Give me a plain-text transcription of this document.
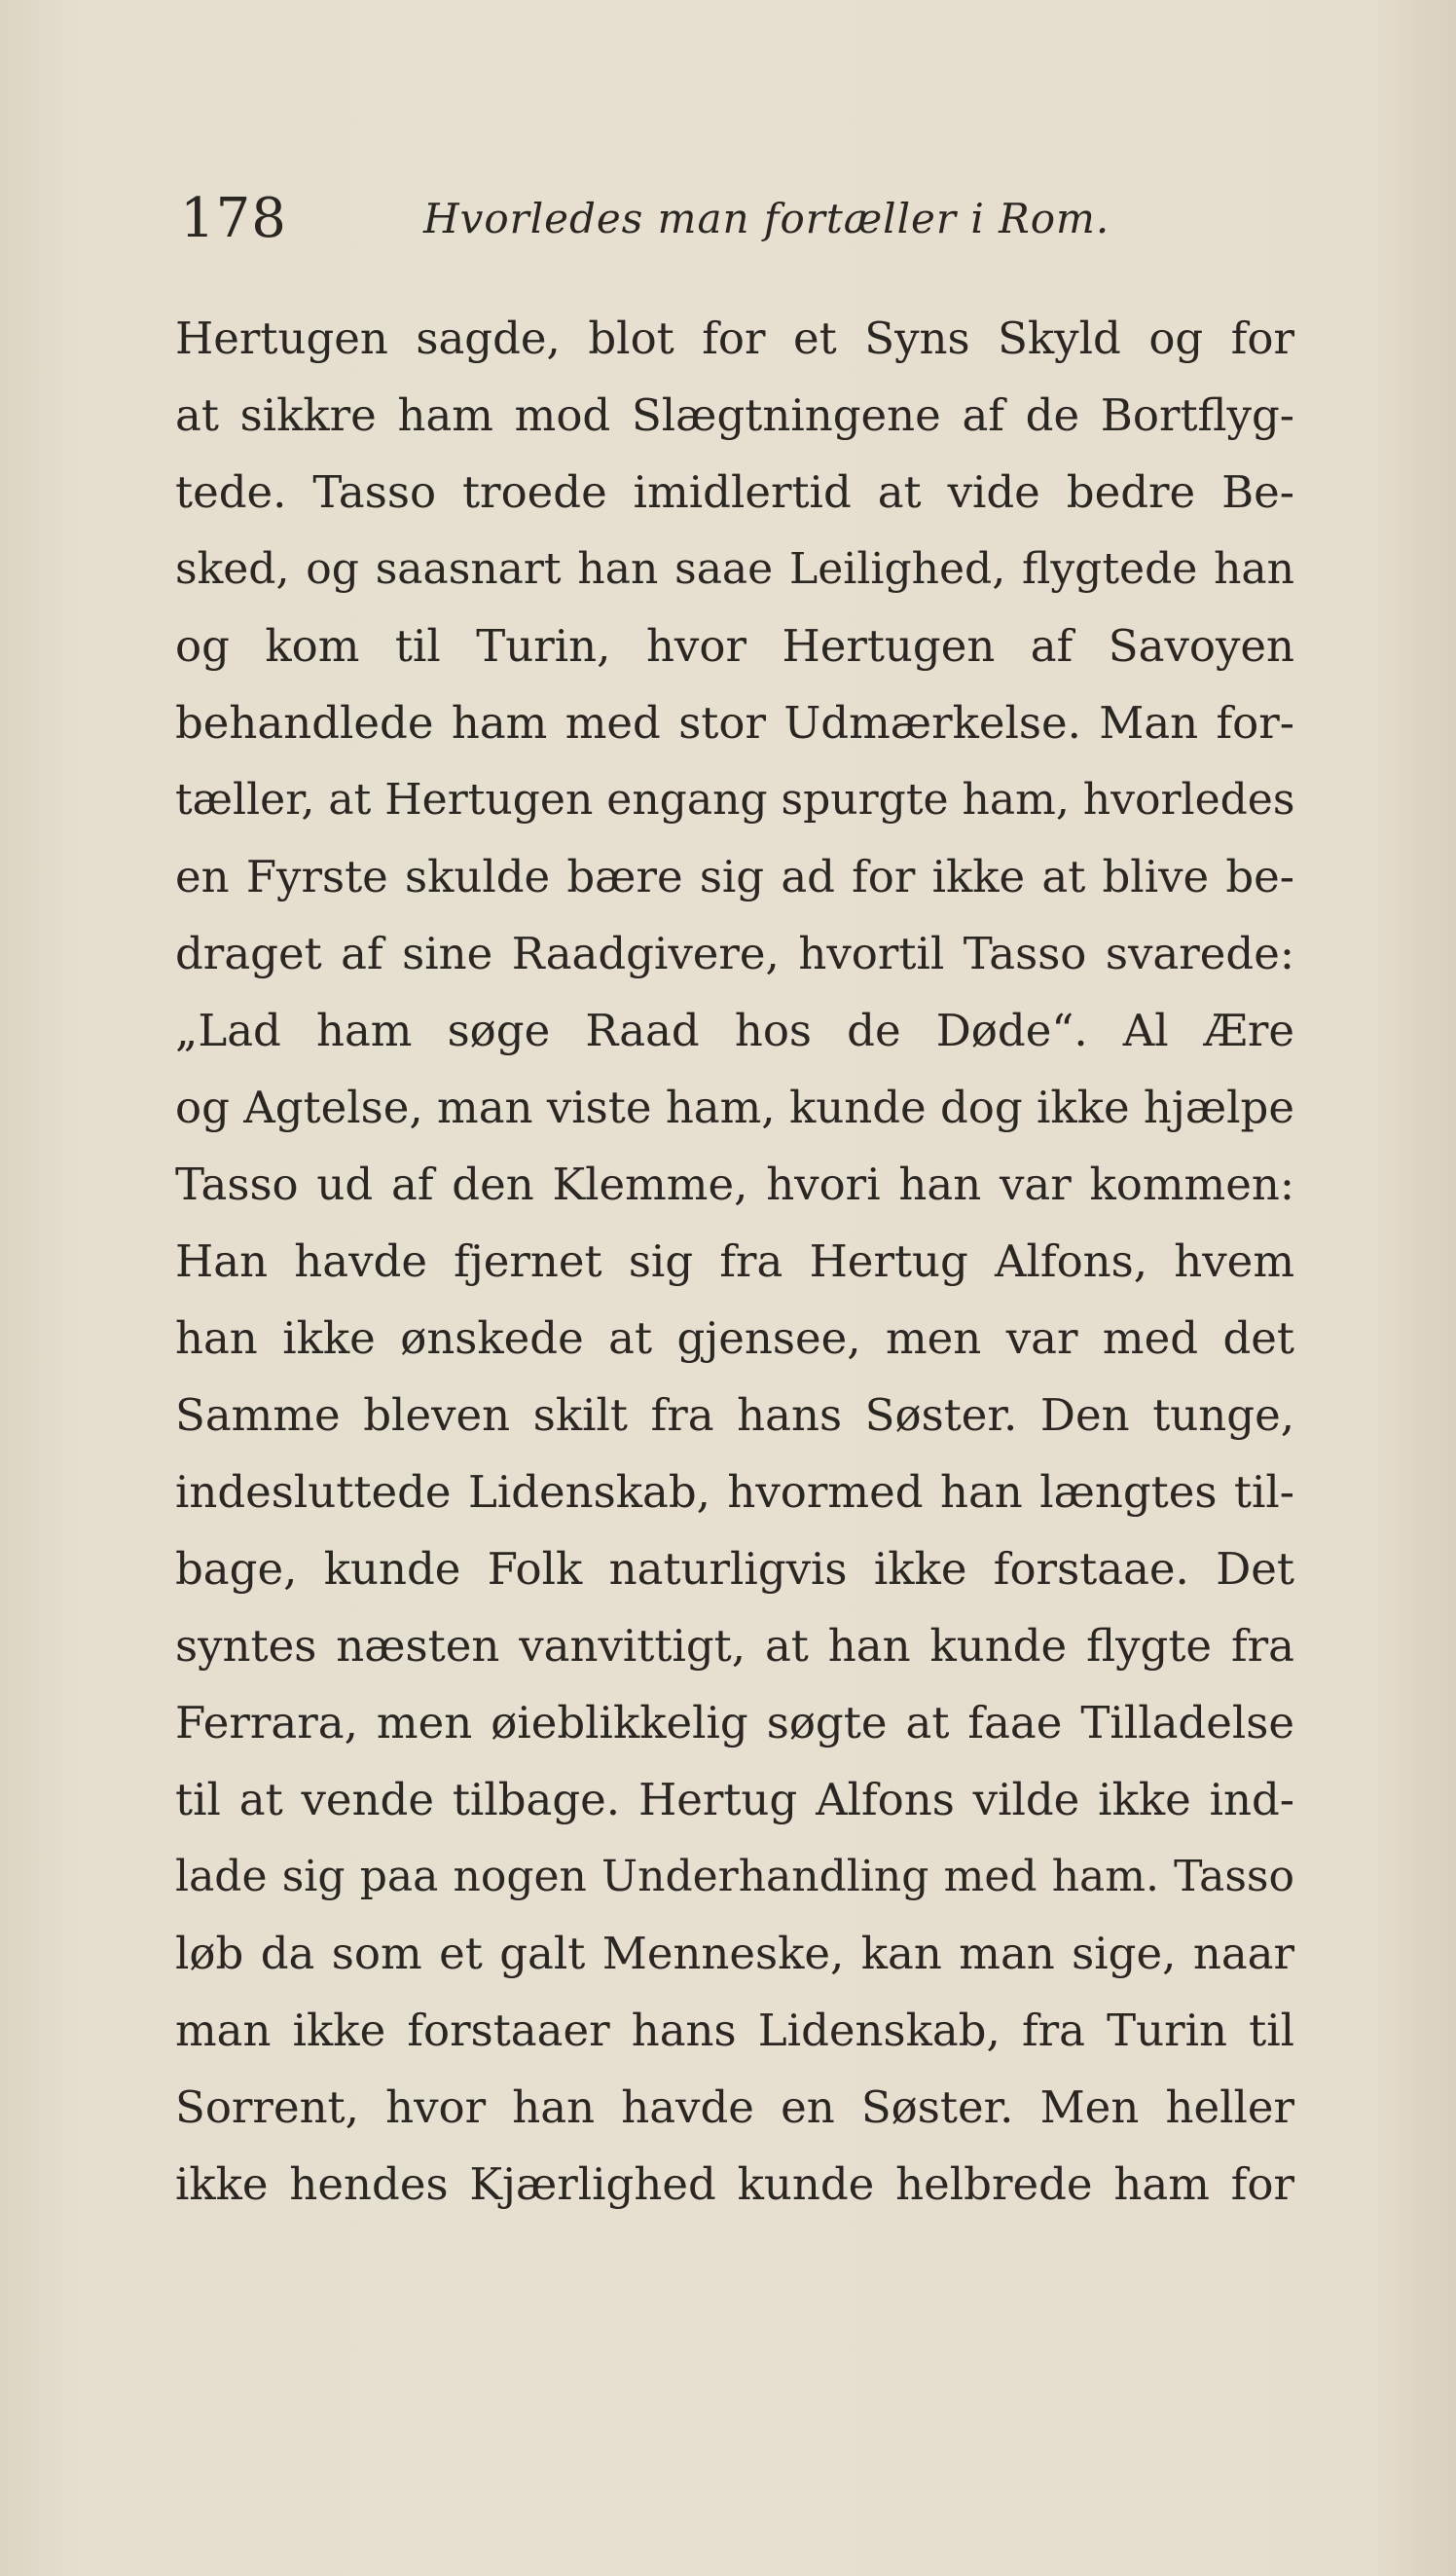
178	Hvorledes man fortæller i Rom.
Hertugen sagde, blot for et Syns Skyld og for
at sikkre ham mod Slægtningene af de Bortflyg-
tede. Tasso troede imidlertid at vide bedre Be-
sked, og saasnart han saae Leilighed, flygtede han
og kom til Turin, hvor Hertugen af Savoyen
behandlede ham med stor Udmærkelse. Man for-
tæller, at Hertugen engang spurgte ham, hvorledes
en Fyrste skulde bære sig ad for ikke at blive be-
draget af sine Raadgivere, hvortil Tasso svarede:
„Lad ham søge Raad hos de Døde“. Al Ære
og Agtelse, man viste ham, kunde dog ikke hjælpe
Tasso ud af den Klemme, hvori han var kommen:
Han havde fjernet sig fra Hertug Alfons, hvem
han ikke ønskede at gjensee, men var med det
Samme bleven skilt fra hans Søster. Den tunge,
indesluttede Lidenskab, hvormed han længtes til-
bage, kunde Folk naturligvis ikke forstaae. Det
syntes næsten vanvittigt, at han kunde flygte fra
Ferrara, men øieblikkelig søgte at faae Tilladelse
til at vende tilbage. Hertug Alfons vilde ikke ind-
lade sig paa nogen Underhandling med ham. Tasso
løb da som et galt Menneske, kan man sige, naar
man ikke forstaaer hans Lidenskab, fra Turin til
Sorrent, hvor han havde en Søster. Men heller
ikke hendes Kjærlighed kunde helbrede ham for
